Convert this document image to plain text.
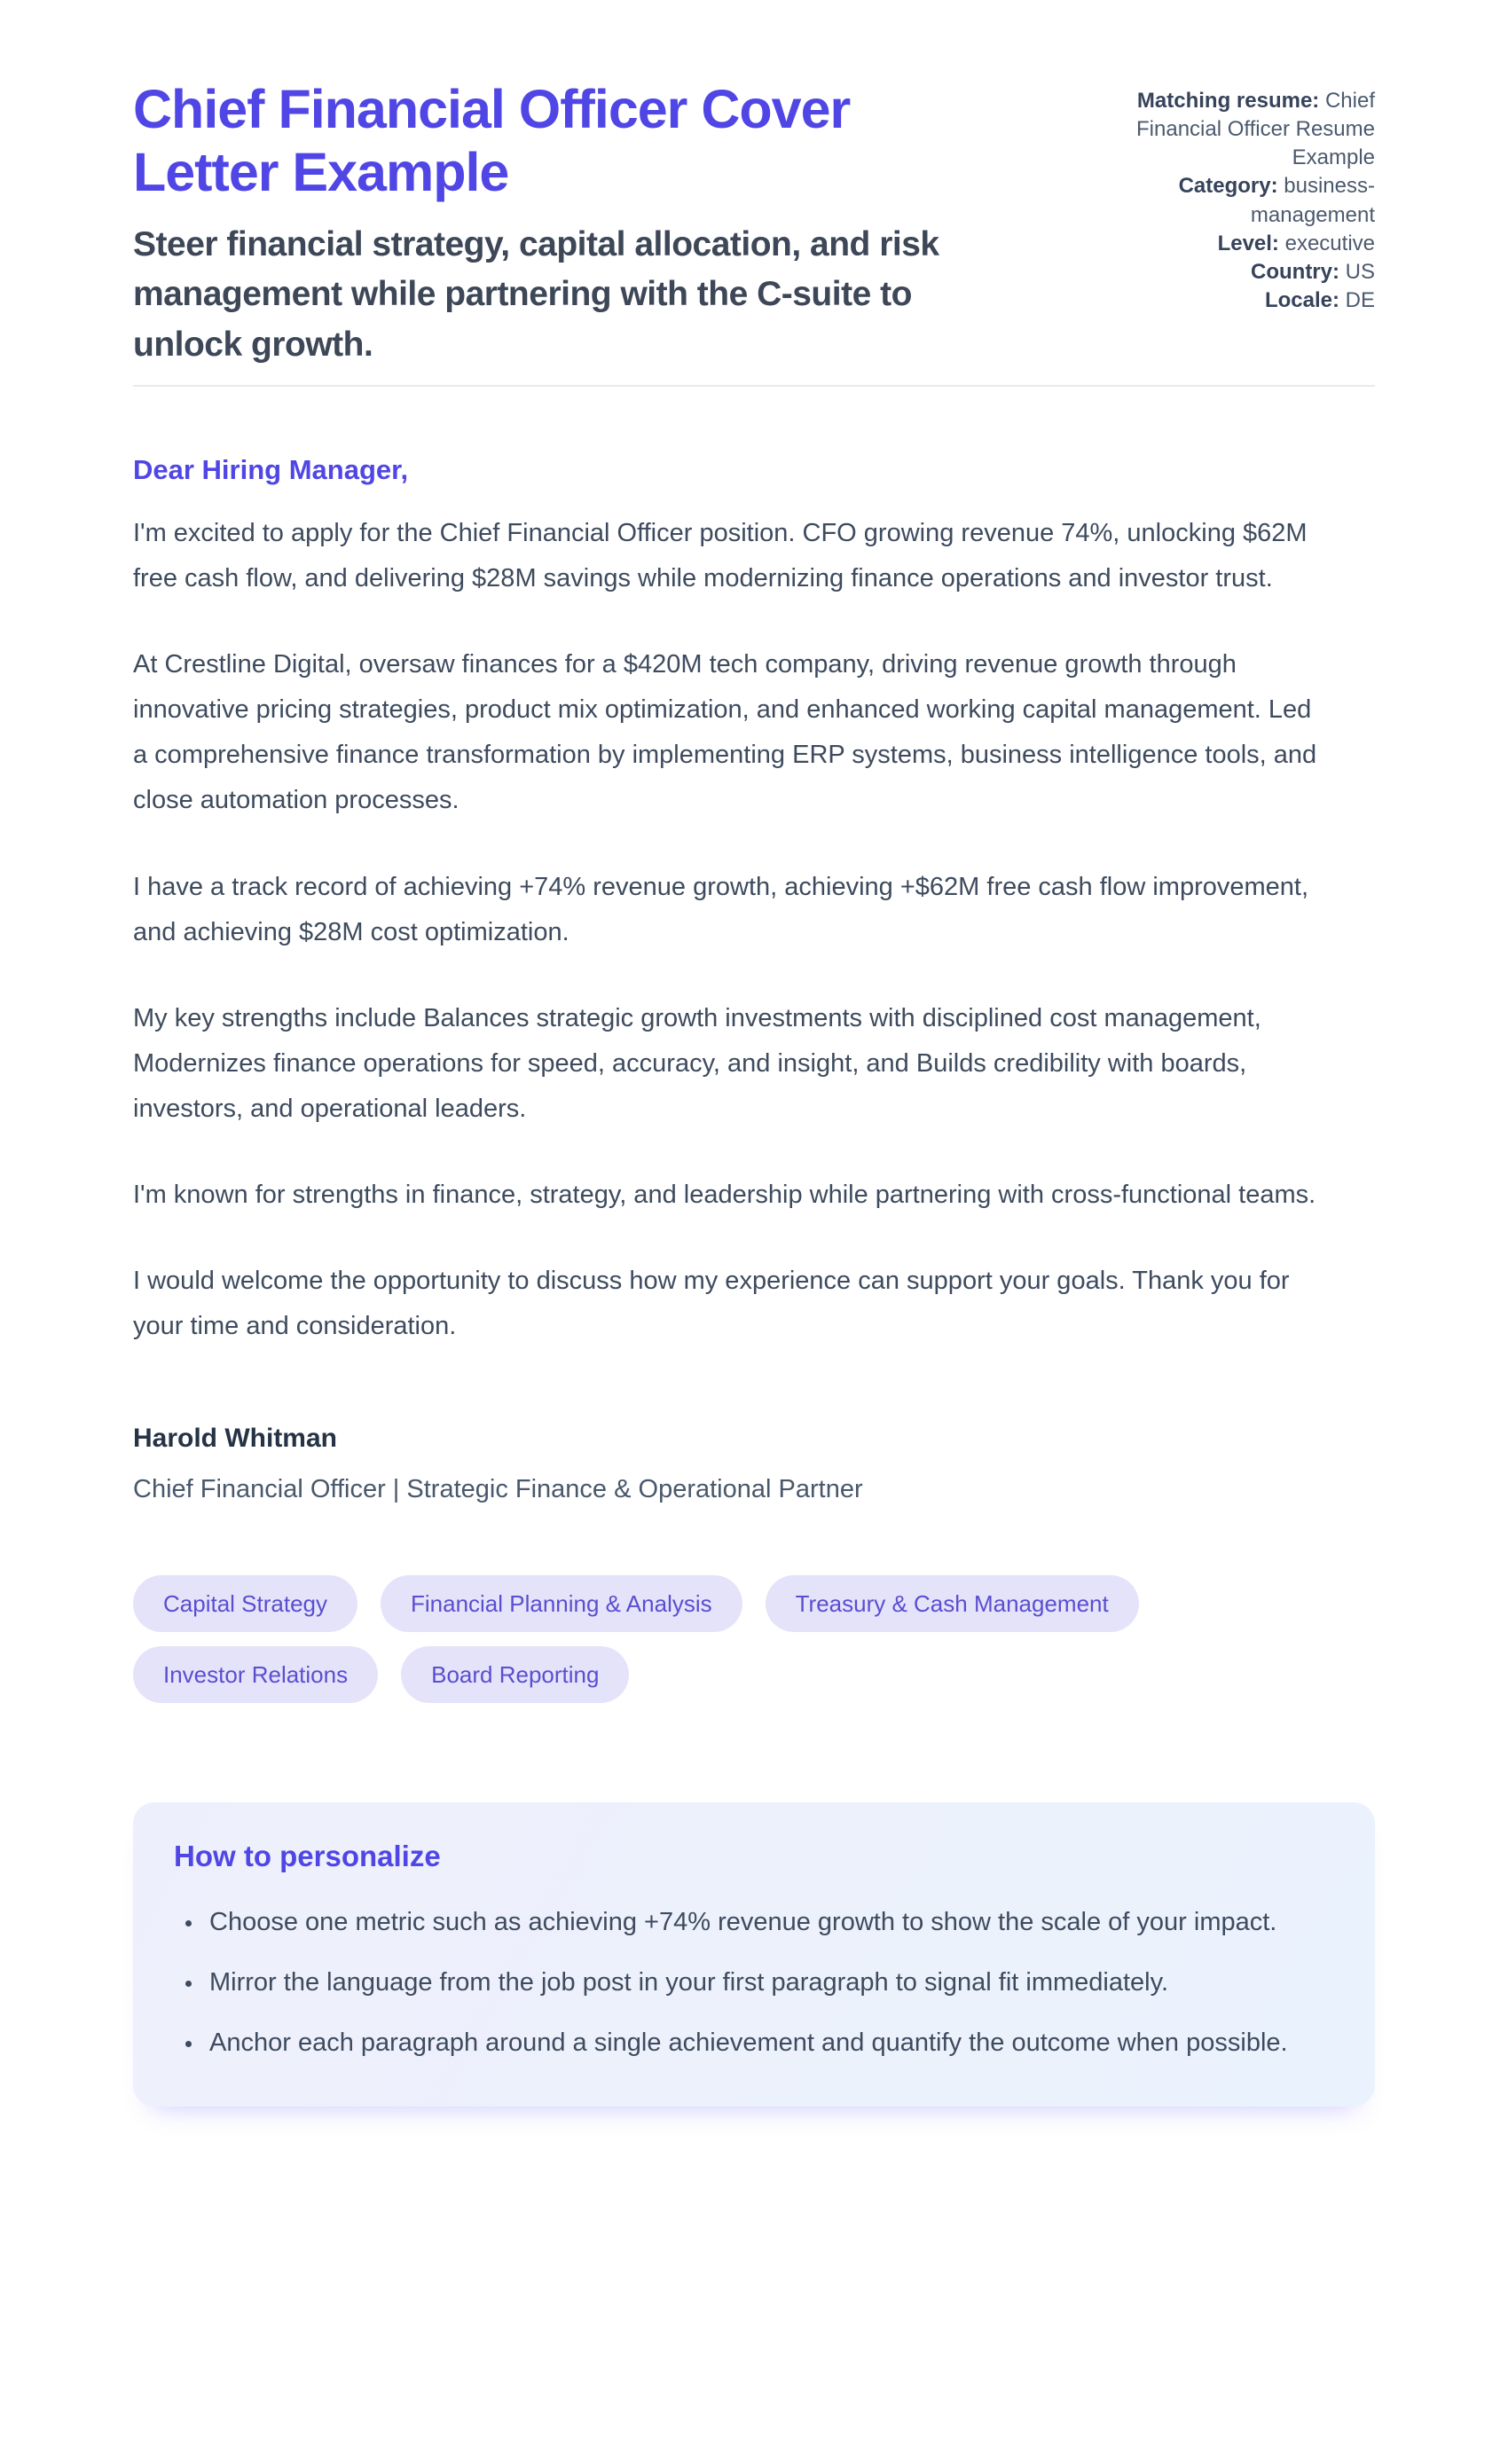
Chief Financial Officer Cover Letter Example

Steer financial strategy, capital allocation, and risk management while partnering with the C-suite to unlock growth.

Matching resume: Chief Financial Officer Resume Example

Category: business-management

Level: executive

Country: US

Locale: DE

Dear Hiring Manager,

I'm excited to apply for the Chief Financial Officer position. CFO growing revenue 74%, unlocking $62M free cash flow, and delivering $28M savings while modernizing finance operations and investor trust.

At Crestline Digital, oversaw finances for a $420M tech company, driving revenue growth through innovative pricing strategies, product mix optimization, and enhanced working capital management. Led a comprehensive finance transformation by implementing ERP systems, business intelligence tools, and close automation processes.

I have a track record of achieving +74% revenue growth, achieving +$62M free cash flow improvement, and achieving $28M cost optimization.

My key strengths include Balances strategic growth investments with disciplined cost management, Modernizes finance operations for speed, accuracy, and insight, and Builds credibility with boards, investors, and operational leaders.

I'm known for strengths in finance, strategy, and leadership while partnering with cross-functional teams.

I would welcome the opportunity to discuss how my experience can support your goals. Thank you for your time and consideration.

Harold Whitman

Chief Financial Officer | Strategic Finance & Operational Partner

Capital Strategy	Financial Planning & Analysis	Treasury & Cash Management
Investor Relations	Board Reporting
How to personalize
• Choose one metric such as achieving +74% revenue growth to show the scale of your impact.
• Mirror the language from the job post in your first paragraph to signal fit immediately.
• Anchor each paragraph around a single achievement and quantify the outcome when possible.
